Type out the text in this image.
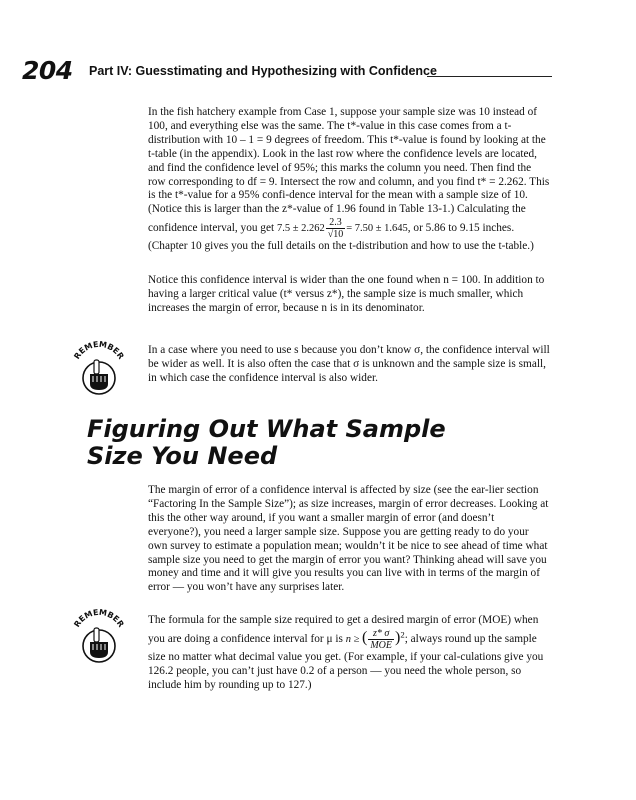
204 Part IV: Guesstimating and Hypothesizing with Confidence

In the fish hatchery example from Case 1, suppose your sample size was 10 instead of 100, and everything else was the same. The t*-value in this case comes from a t-distribution with 10 – 1 = 9 degrees of freedom. This t*-value is found by looking at the t-table (in the appendix). Look in the last row where the confidence levels are located, and find the confidence level of 95%; this marks the column you need. Then find the row corresponding to df = 9. Intersect the row and column, and you find t* = 2.262. This is the t*-value for a 95% confi-dence interval for the mean with a sample size of 10. (Notice this is larger than the z*-value of 1.96 found in Table 13-1.) Calculating the confidence interval, you get $7.5 \pm 2.262 \frac{2.3}{√10} = 7.50 \pm 1.645$, or 5.86 to 9.15 inches. (Chapter 10 gives you the full details on the t-distribution and how to use the t-table.)

Notice this confidence interval is wider than the one found when n = 100. In addition to having a larger critical value (t* versus z*), the sample size is much smaller, which increases the margin of error, because n is in its denominator.

REMEMBER In a case where you need to use s because you don’t know σ, the confidence interval will be wider as well. It is also often the case that σ is unknown and the sample size is small, in which case the confidence interval is also wider.

Figuring Out What Sample
Size You Need

The margin of error of a confidence interval is affected by size (see the ear-lier section “Factoring In the Sample Size”); as size increases, margin of error decreases. Looking at this the other way around, if you want a smaller margin of error (and doesn’t everyone?), you need a larger sample size. Suppose you are getting ready to do your own survey to estimate a population mean; wouldn’t it be nice to see ahead of time what sample size you need to get the margin of error you want? Thinking ahead will save you money and time and it will give you results you can live with in terms of the margin of error — you won’t have any surprises later.

REMEMBER The formula for the sample size required to get a desired margin of error (MOE) when you are doing a confidence interval for μ is n ≥ ( $\frac{z* \sigma}{\text{MOE}} )^2$; always round up the sample size no matter what decimal value you get. (For example, if your cal-culations give you 126.2 people, you can’t just have 0.2 of a person — you need the whole person, so include him by rounding up to 127.)
